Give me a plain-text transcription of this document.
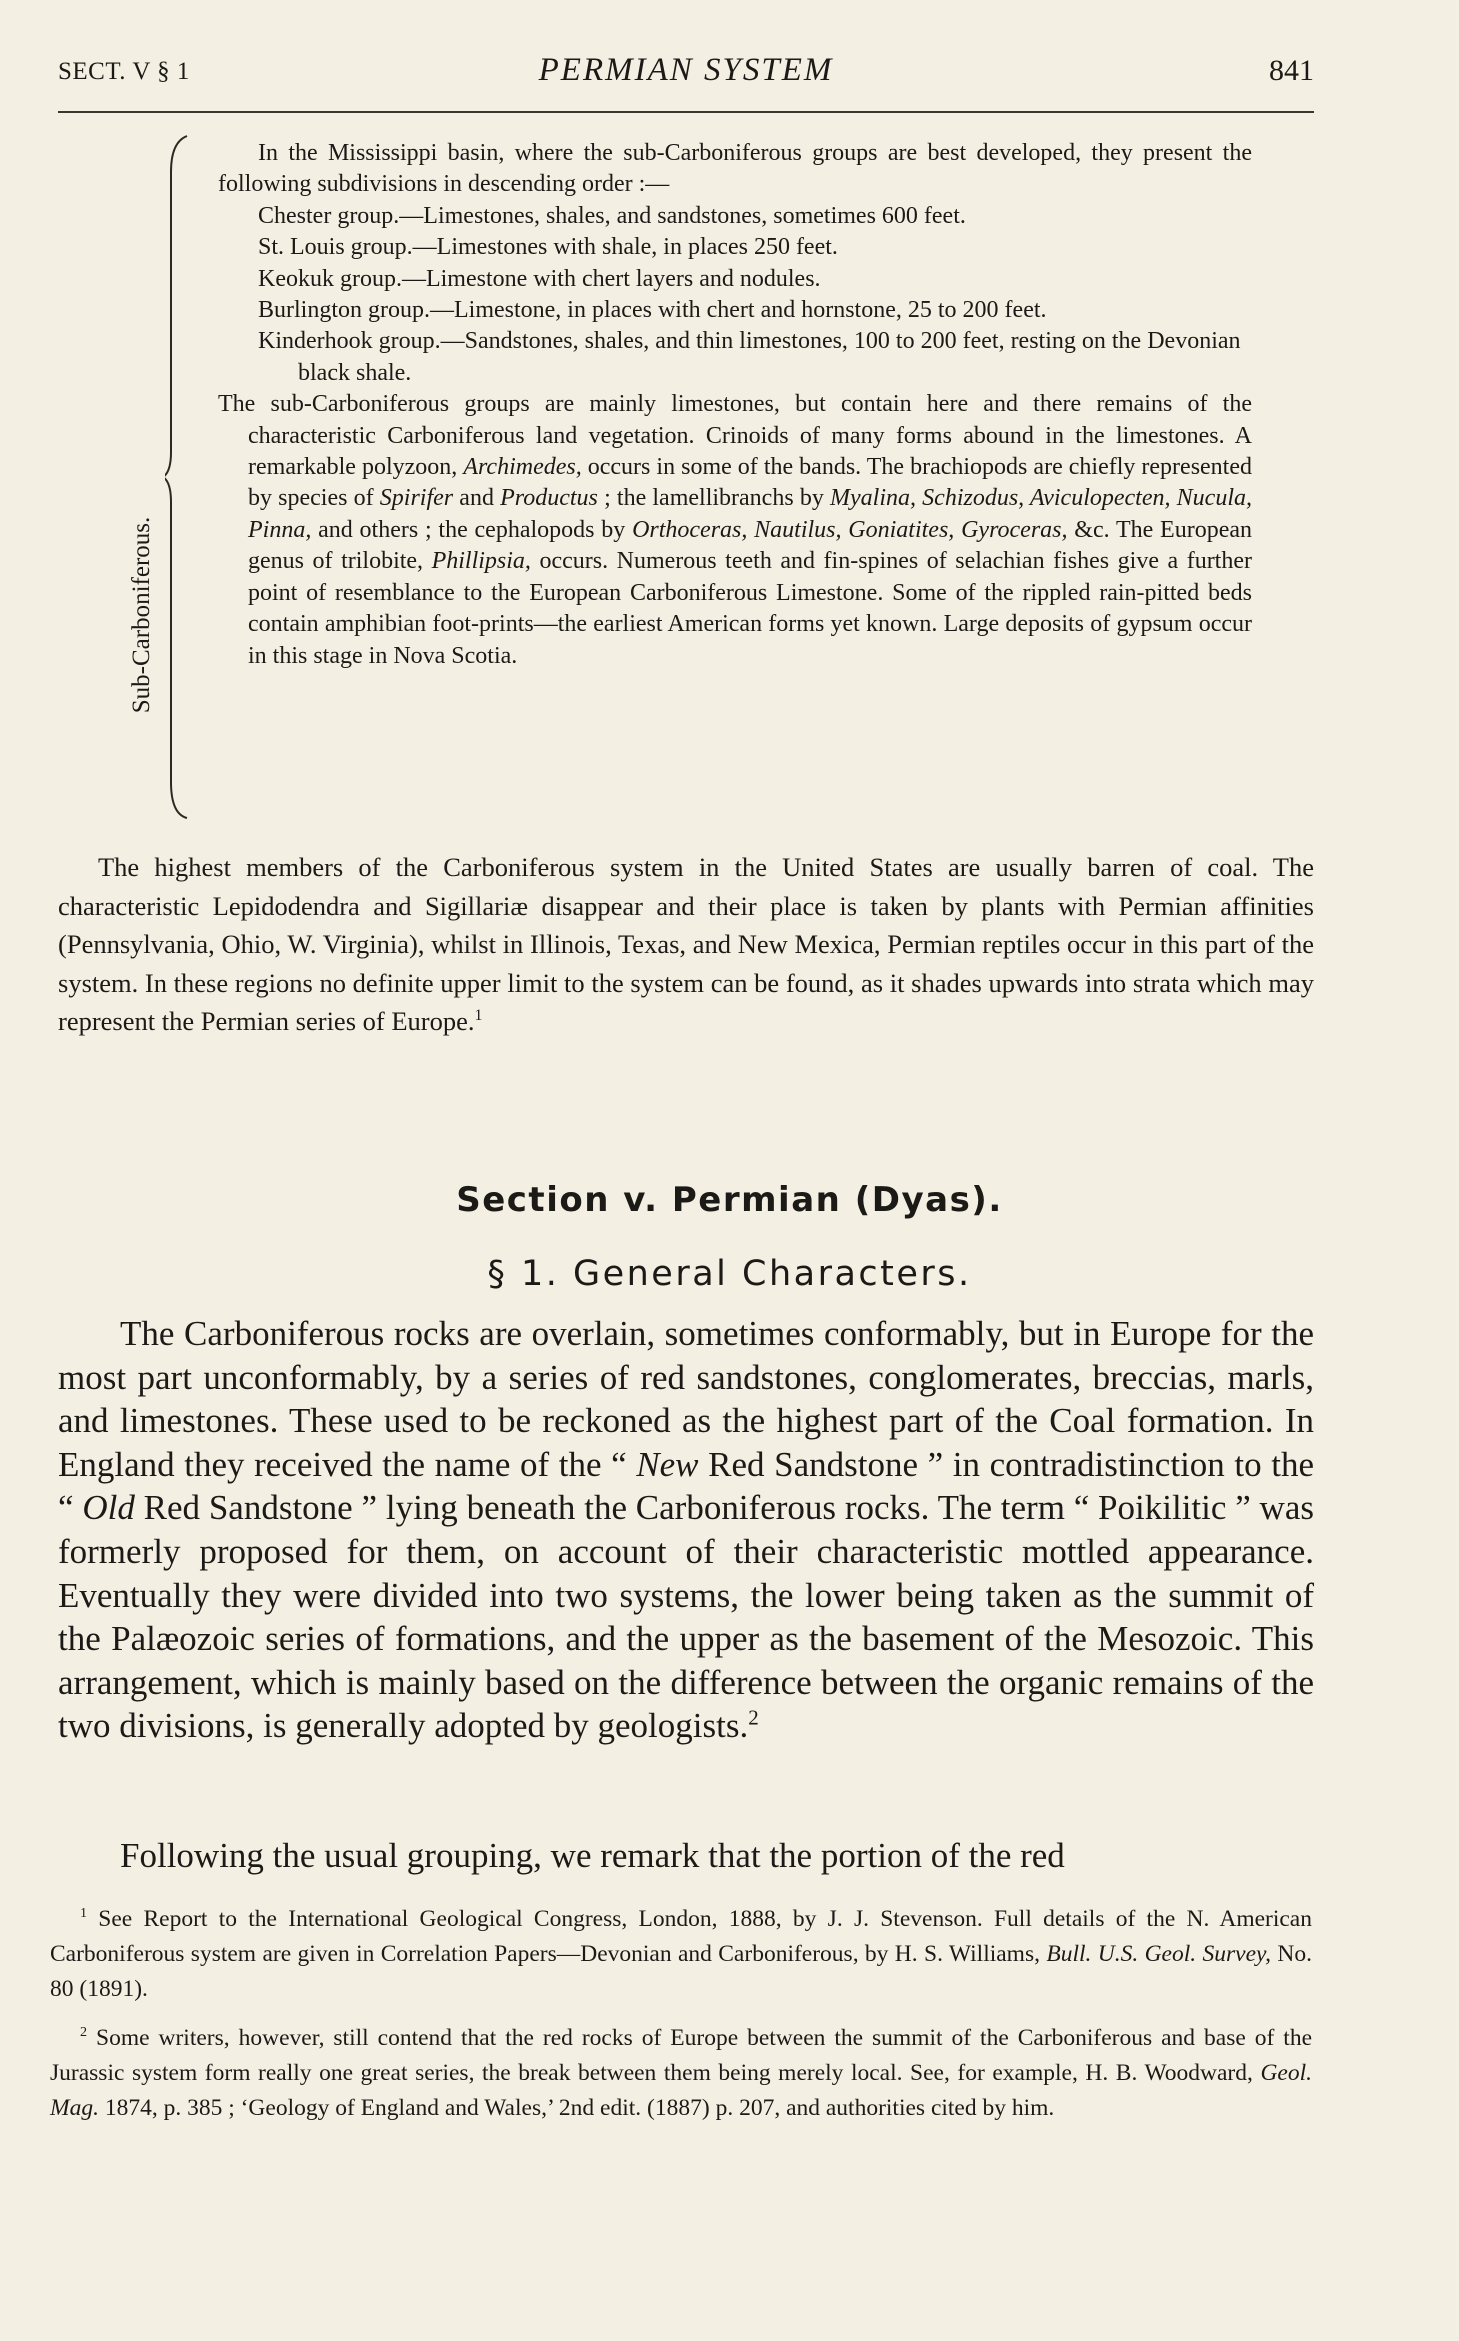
SECT. V § 1	PERMIAN SYSTEM	841
Sub-Carboniferous.

In the Mississippi basin, where the sub-Carboniferous groups are best developed, they present the following subdivisions in descending order :—

Chester group.—Limestones, shales, and sandstones, sometimes 600 feet.

St. Louis group.—Limestones with shale, in places 250 feet.

Keokuk group.—Limestone with chert layers and nodules.

Burlington group.—Limestone, in places with chert and hornstone, 25 to 200 feet.

Kinderhook group.—Sandstones, shales, and thin limestones, 100 to 200 feet, resting on the Devonian black shale.

The sub-Carboniferous groups are mainly limestones, but contain here and there remains of the characteristic Carboniferous land vegetation. Crinoids of many forms abound in the limestones. A remarkable polyzoon, Archimedes, occurs in some of the bands. The brachiopods are chiefly represented by species of Spirifer and Productus ; the lamellibranchs by Myalina, Schizodus, Aviculopecten, Nucula, Pinna, and others ; the cephalopods by Orthoceras, Nautilus, Goniatites, Gyroceras, &c. The European genus of trilobite, Phillipsia, occurs. Numerous teeth and fin-spines of selachian fishes give a further point of resemblance to the European Carboniferous Limestone. Some of the rippled rain-pitted beds contain amphibian foot-prints—the earliest American forms yet known. Large deposits of gypsum occur in this stage in Nova Scotia.

The highest members of the Carboniferous system in the United States are usually barren of coal. The characteristic Lepidodendra and Sigillariæ disappear and their place is taken by plants with Permian affinities (Pennsylvania, Ohio, W. Virginia), whilst in Illinois, Texas, and New Mexica, Permian reptiles occur in this part of the system. In these regions no definite upper limit to the system can be found, as it shades upwards into strata which may represent the Permian series of Europe.$^1$

Section v. Permian (Dyas).
§ 1. General Characters.

The Carboniferous rocks are overlain, sometimes conformably, but in Europe for the most part unconformably, by a series of red sandstones, conglomerates, breccias, marls, and limestones. These used to be reckoned as the highest part of the Coal formation. In England they received the name of the “ New Red Sandstone ” in contradistinction to the “ Old Red Sandstone ” lying beneath the Carboniferous rocks. The term “ Poikilitic ” was formerly proposed for them, on account of their characteristic mottled appearance. Eventually they were divided into two systems, the lower being taken as the summit of the Palæozoic series of formations, and the upper as the basement of the Mesozoic. This arrangement, which is mainly based on the difference between the organic remains of the two divisions, is generally adopted by geologists.$^2$

Following the usual grouping, we remark that the portion of the red

$^1$ See Report to the International Geological Congress, London, 1888, by J. J. Stevenson. Full details of the N. American Carboniferous system are given in Correlation Papers—Devonian and Carboniferous, by H. S. Williams, Bull. U.S. Geol. Survey, No. 80 (1891).

$^2$ Some writers, however, still contend that the red rocks of Europe between the summit of the Carboniferous and base of the Jurassic system form really one great series, the break between them being merely local. See, for example, H. B. Woodward, Geol. Mag. 1874, p. 385 ; ‘Geology of England and Wales,’ 2nd edit. (1887) p. 207, and authorities cited by him.
